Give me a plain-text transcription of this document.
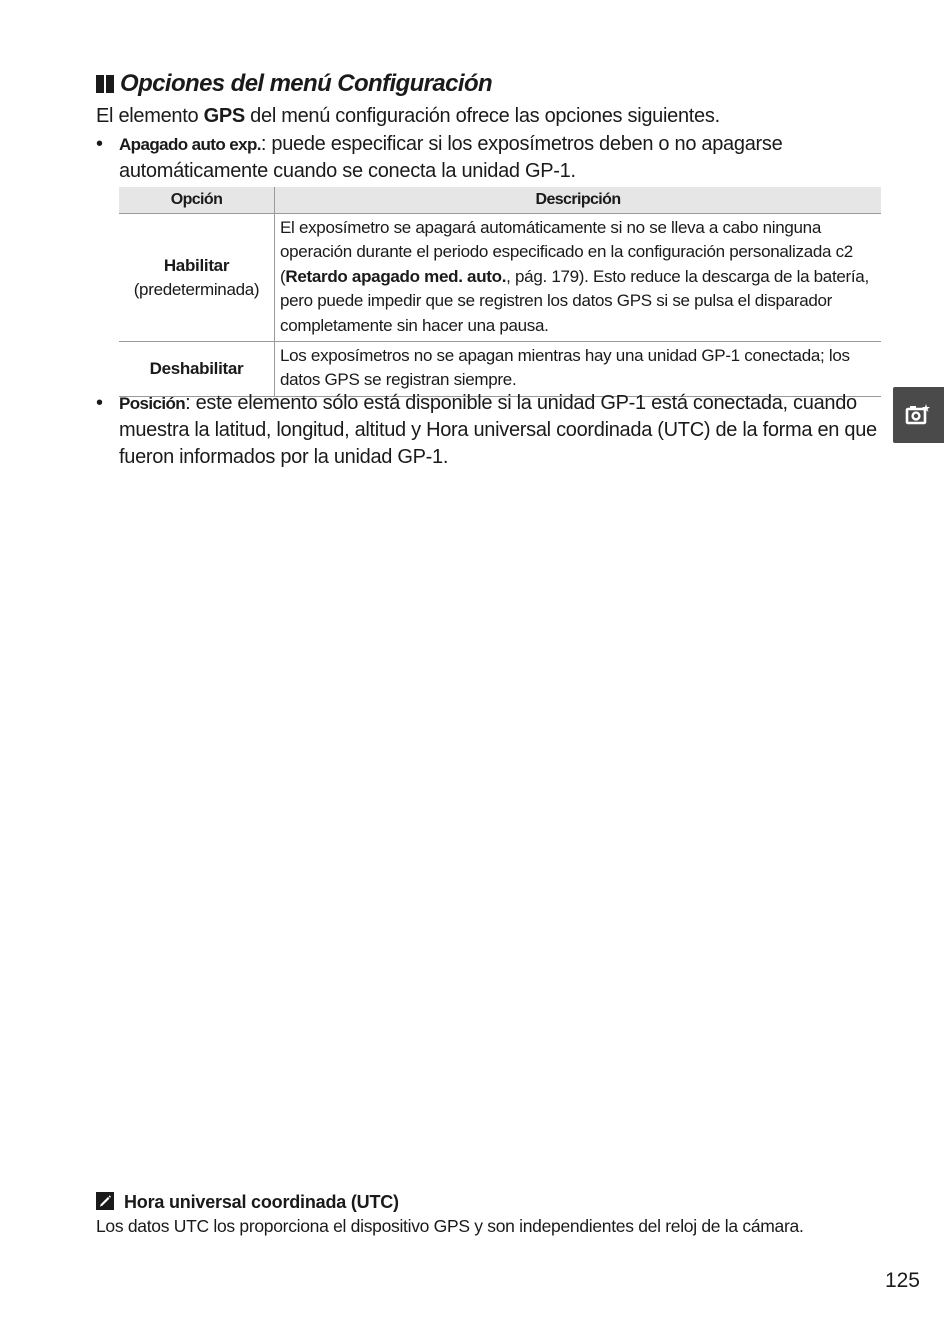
Opciones del menú Configuración

El elemento GPS del menú configuración ofrece las opciones siguientes.

• Apagado auto exp.: puede especificar si los exposímetros deben o no apagarse automáticamente cuando se conecta la unidad GP-1.

Opción	Descripción

Habilitar
(predeterminada)	El exposímetro se apagará automáticamente si no se lleva a cabo ninguna operación durante el periodo especificado en la configuración personalizada c2 (Retardo apagado med. auto., pág. 179). Esto reduce la descarga de la batería, pero puede impedir que se registren los datos GPS si se pulsa el disparador completamente sin hacer una pausa.

Deshabilitar	Los exposímetros no se apagan mientras hay una unidad GP-1 conectada; los datos GPS se registran siempre.

• Posición: este elemento sólo está disponible si la unidad GP-1 está conectada, cuando muestra la latitud, longitud, altitud y Hora universal coordinada (UTC) de la forma en que fueron informados por la unidad GP-1.

Hora universal coordinada (UTC)

Los datos UTC los proporciona el dispositivo GPS y son independientes del reloj de la cámara.

125
